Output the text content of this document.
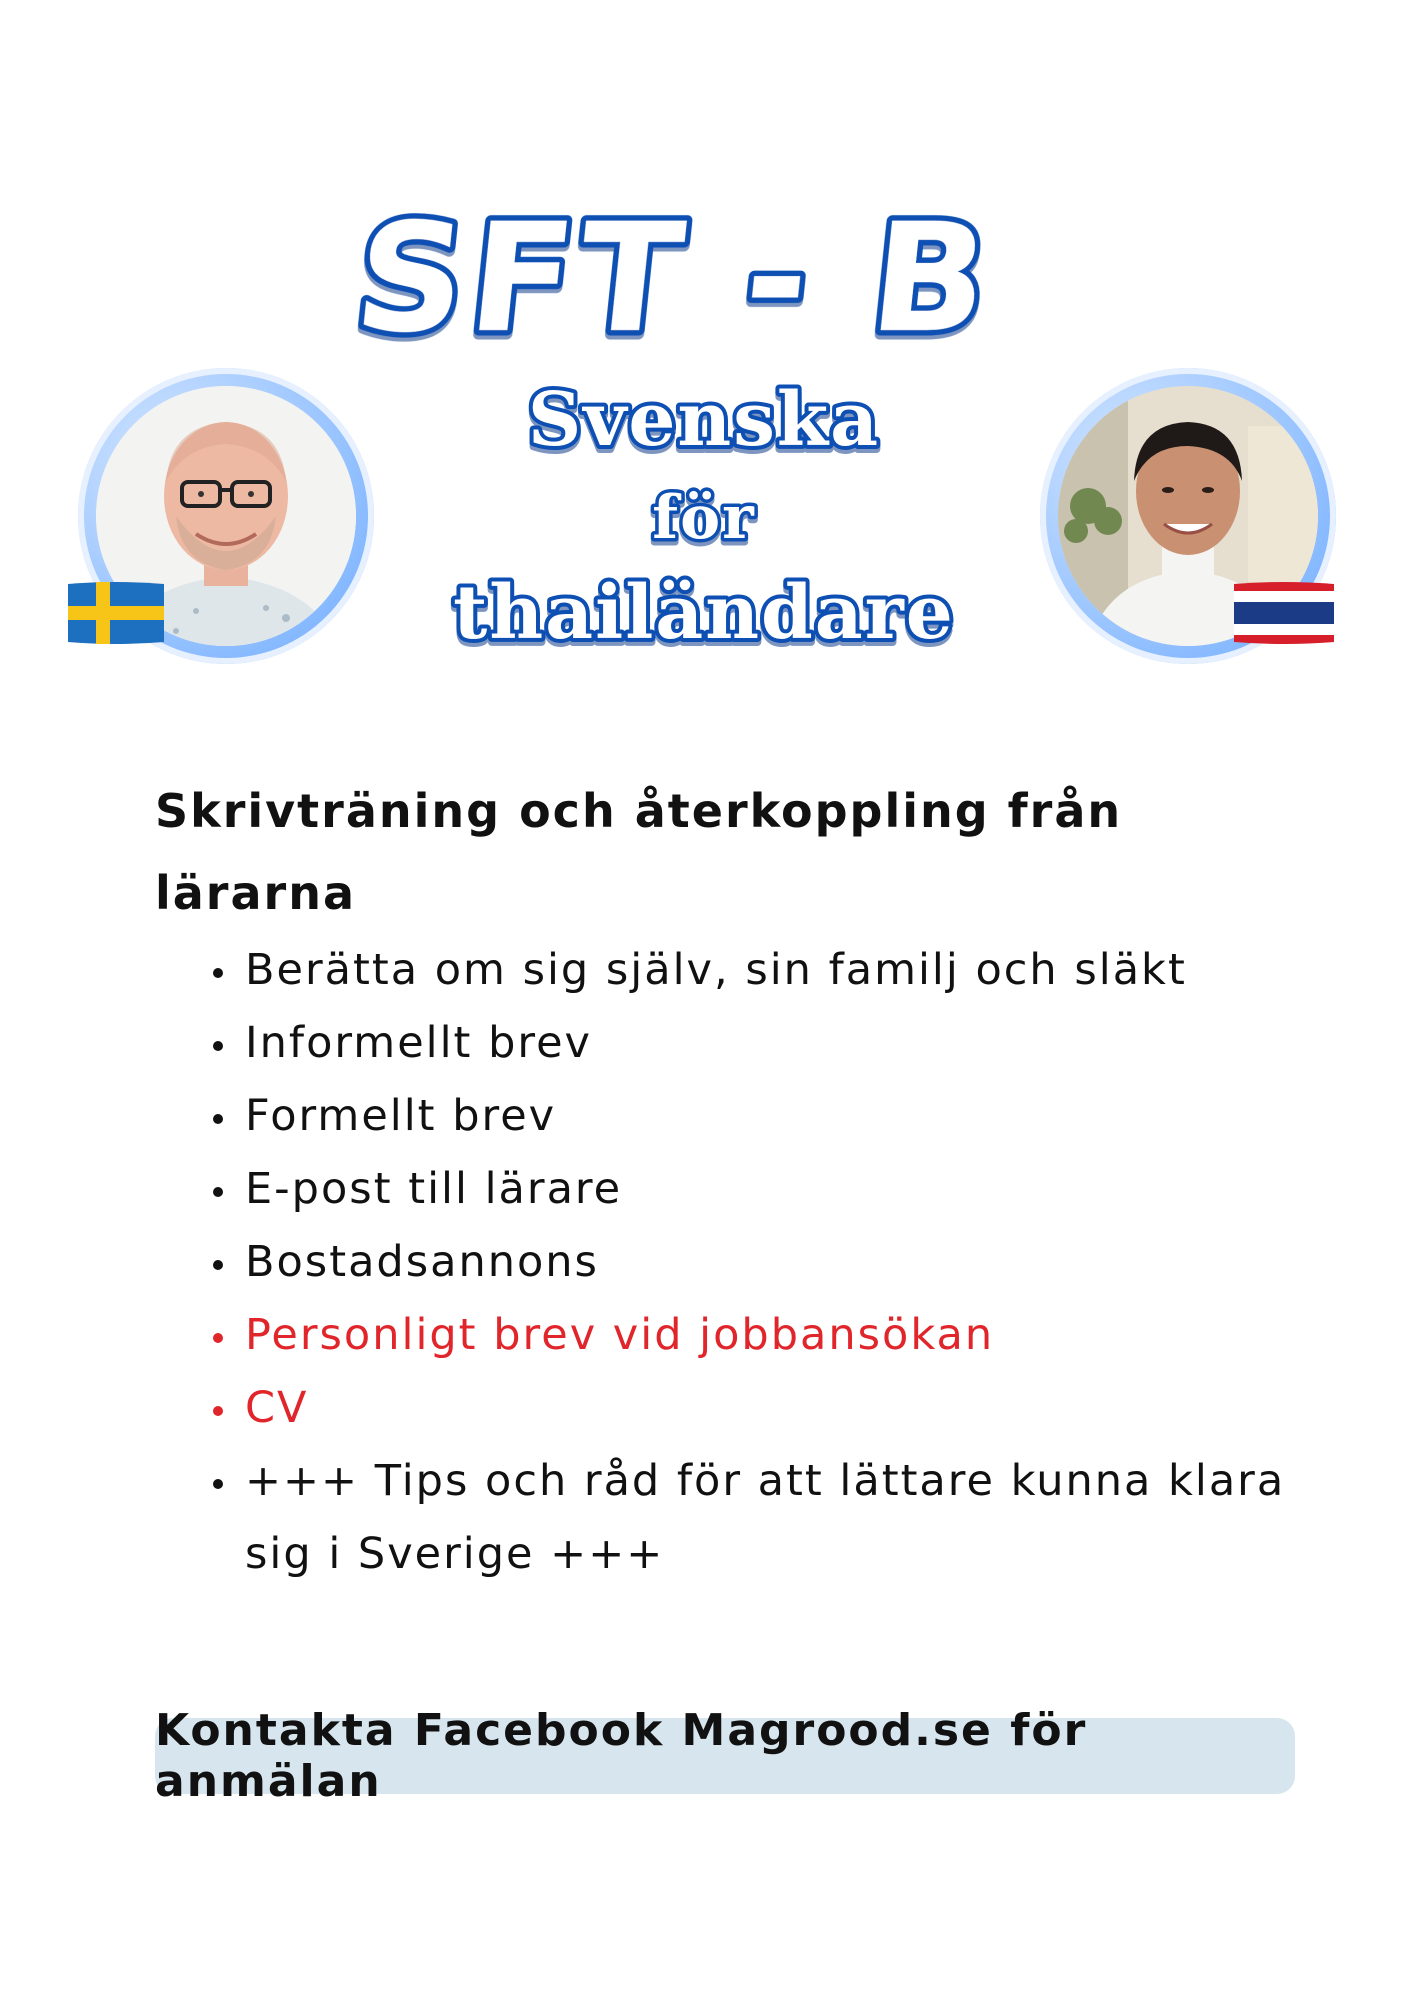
SFT - B
Svenska
för
thailändare

Skrivträning och återkoppling från lärarna

Berätta om sig själv, sin familj och släkt
Informellt brev
Formellt brev
E-post till lärare
Bostadsannons
Personligt brev vid jobbansökan
CV
+++ Tips och råd för att lättare kunna klara sig i Sverige +++
Kontakta Facebook Magrood.se för anmälan
